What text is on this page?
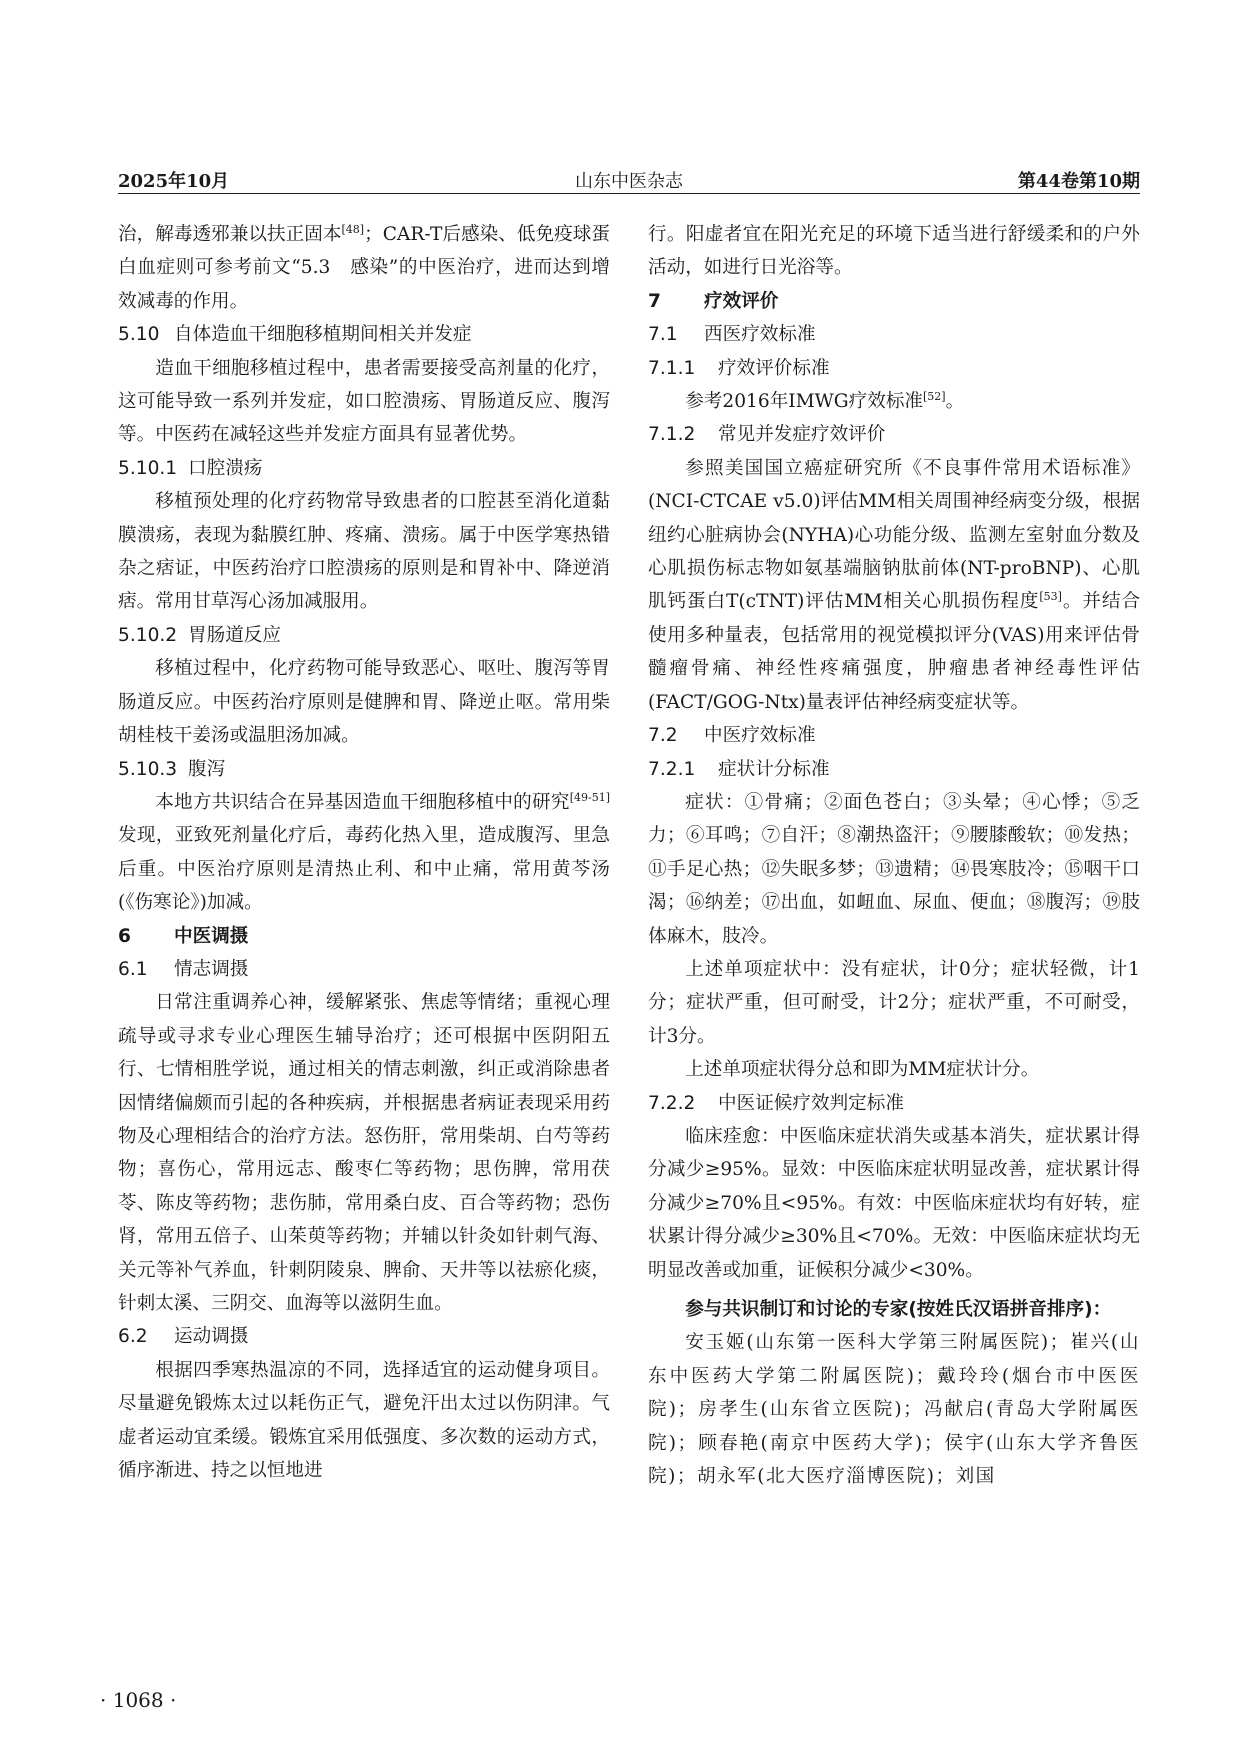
2025年10月	山东中医杂志	第44卷第10期

治，解毒透邪兼以扶正固本[48]；CAR-T后感染、低免疫球蛋白血症则可参考前文“5.3　感染”的中医治疗，进而达到增效减毒的作用。

5.10 自体造血干细胞移植期间相关并发症

造血干细胞移植过程中，患者需要接受高剂量的化疗，这可能导致一系列并发症，如口腔溃疡、胃肠道反应、腹泻等。中医药在减轻这些并发症方面具有显著优势。

5.10.1 口腔溃疡

移植预处理的化疗药物常导致患者的口腔甚至消化道黏膜溃疡，表现为黏膜红肿、疼痛、溃疡。属于中医学寒热错杂之痞证，中医药治疗口腔溃疡的原则是和胃补中、降逆消痞。常用甘草泻心汤加减服用。

5.10.2 胃肠道反应

移植过程中，化疗药物可能导致恶心、呕吐、腹泻等胃肠道反应。中医药治疗原则是健脾和胃、降逆止呕。常用柴胡桂枝干姜汤或温胆汤加减。

5.10.3 腹泻

本地方共识结合在异基因造血干细胞移植中的研究[49-51]发现，亚致死剂量化疗后，毒药化热入里，造成腹泻、里急后重。中医治疗原则是清热止利、和中止痛，常用黄芩汤(《伤寒论》)加减。

6 中医调摄

6.1 情志调摄

日常注重调养心神，缓解紧张、焦虑等情绪；重视心理疏导或寻求专业心理医生辅导治疗；还可根据中医阴阳五行、七情相胜学说，通过相关的情志刺激，纠正或消除患者因情绪偏颇而引起的各种疾病，并根据患者病证表现采用药物及心理相结合的治疗方法。怒伤肝，常用柴胡、白芍等药物；喜伤心，常用远志、酸枣仁等药物；思伤脾，常用茯苓、陈皮等药物；悲伤肺，常用桑白皮、百合等药物；恐伤肾，常用五倍子、山茱萸等药物；并辅以针灸如针刺气海、关元等补气养血，针刺阴陵泉、脾俞、天井等以祛瘀化痰，针刺太溪、三阴交、血海等以滋阴生血。

6.2 运动调摄

根据四季寒热温凉的不同，选择适宜的运动健身项目。尽量避免锻炼太过以耗伤正气，避免汗出太过以伤阴津。气虚者运动宜柔缓。锻炼宜采用低强度、多次数的运动方式，循序渐进、持之以恒地进

行。阳虚者宜在阳光充足的环境下适当进行舒缓柔和的户外活动，如进行日光浴等。

7 疗效评价

7.1 西医疗效标准

7.1.1 疗效评价标准

参考2016年IMWG疗效标准[52]。

7.1.2 常见并发症疗效评价

参照美国国立癌症研究所《不良事件常用术语标准》(NCI-CTCAE v5.0)评估MM相关周围神经病变分级，根据纽约心脏病协会(NYHA)心功能分级、监测左室射血分数及心肌损伤标志物如氨基端脑钠肽前体(NT-proBNP)、心肌肌钙蛋白T(cTNT)评估MM相关心肌损伤程度[53]。并结合使用多种量表，包括常用的视觉模拟评分(VAS)用来评估骨髓瘤骨痛、神经性疼痛强度，肿瘤患者神经毒性评估(FACT/GOG-Ntx)量表评估神经病变症状等。

7.2 中医疗效标准

7.2.1 症状计分标准

症状：①骨痛；②面色苍白；③头晕；④心悸；⑤乏力；⑥耳鸣；⑦自汗；⑧潮热盗汗；⑨腰膝酸软；⑩发热；⑪手足心热；⑫失眠多梦；⑬遗精；⑭畏寒肢冷；⑮咽干口渴；⑯纳差；⑰出血，如衄血、尿血、便血；⑱腹泻；⑲肢体麻木，肢冷。

上述单项症状中：没有症状，计0分；症状轻微，计1分；症状严重，但可耐受，计2分；症状严重，不可耐受，计3分。

上述单项症状得分总和即为MM症状计分。

7.2.2 中医证候疗效判定标准

临床痊愈：中医临床症状消失或基本消失，症状累计得分减少≥95%。显效：中医临床症状明显改善，症状累计得分减少≥70%且<95%。有效：中医临床症状均有好转，症状累计得分减少≥30%且<70%。无效：中医临床症状均无明显改善或加重，证候积分减少<30%。

参与共识制订和讨论的专家(按姓氏汉语拼音排序)：

安玉姬(山东第一医科大学第三附属医院)；崔兴(山东中医药大学第二附属医院)；戴玲玲(烟台市中医医院)；房孝生(山东省立医院)；冯献启(青岛大学附属医院)；顾春艳(南京中医药大学)；侯宇(山东大学齐鲁医院)；胡永军(北大医疗淄博医院)；刘国

· 1068 ·
